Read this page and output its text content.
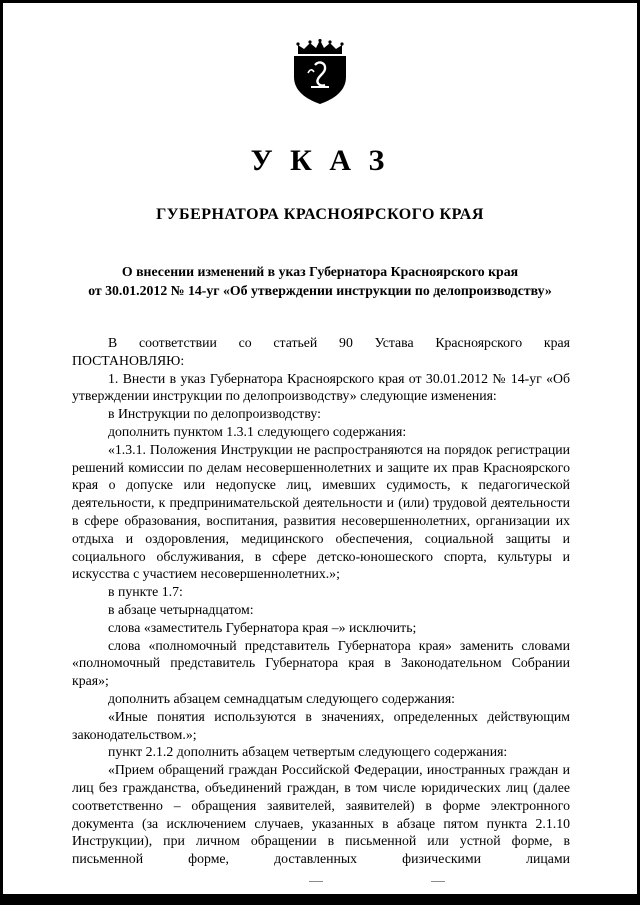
У К А З
ГУБЕРНАТОРА КРАСНОЯРСКОГО КРАЯ
О внесении изменений в указ Губернатора Красноярского края
от 30.01.2012 № 14-уг «Об утверждении инструкции по делопроизводству»

В соответствии со статьей 90 Устава Красноярского края

ПОСТАНОВЛЯЮ:

1. Внести в указ Губернатора Красноярского края от 30.01.2012 № 14-уг «Об утверждении инструкции по делопроизводству» следующие изменения:

в Инструкции по делопроизводству:

дополнить пунктом 1.3.1 следующего содержания:

«1.3.1. Положения Инструкции не распространяются на порядок регистрации решений комиссии по делам несовершеннолетних и защите их прав Красноярского края о допуске или недопуске лиц, имевших судимость, к педагогической деятельности, к предпринимательской деятельности и (или) трудовой деятельности в сфере образования, воспитания, развития несовершеннолетних, организации их отдыха и оздоровления, медицинского обеспечения, социальной защиты и социального обслуживания, в сфере детско-юношеского спорта, культуры и искусства с участием несовершеннолетних.»;

в пункте 1.7:

в абзаце четырнадцатом:

слова «заместитель Губернатора края –» исключить;

слова «полномочный представитель Губернатора края» заменить словами «полномочный представитель Губернатора края в Законодательном Собрании края»;

дополнить абзацем семнадцатым следующего содержания:

«Иные понятия используются в значениях, определенных действующим законодательством.»;

пункт 2.1.2 дополнить абзацем четвертым следующего содержания:

«Прием обращений граждан Российской Федерации, иностранных граждан и лиц без гражданства, объединений граждан, в том числе юридических лиц (далее соответственно – обращения заявителей, заявителей) в форме электронного документа (за исключением случаев, указанных в абзаце пятом пункта 2.1.10 Инструкции), при личном обращении в письменной или устной форме, в письменной форме, доставленных физическими лицами
